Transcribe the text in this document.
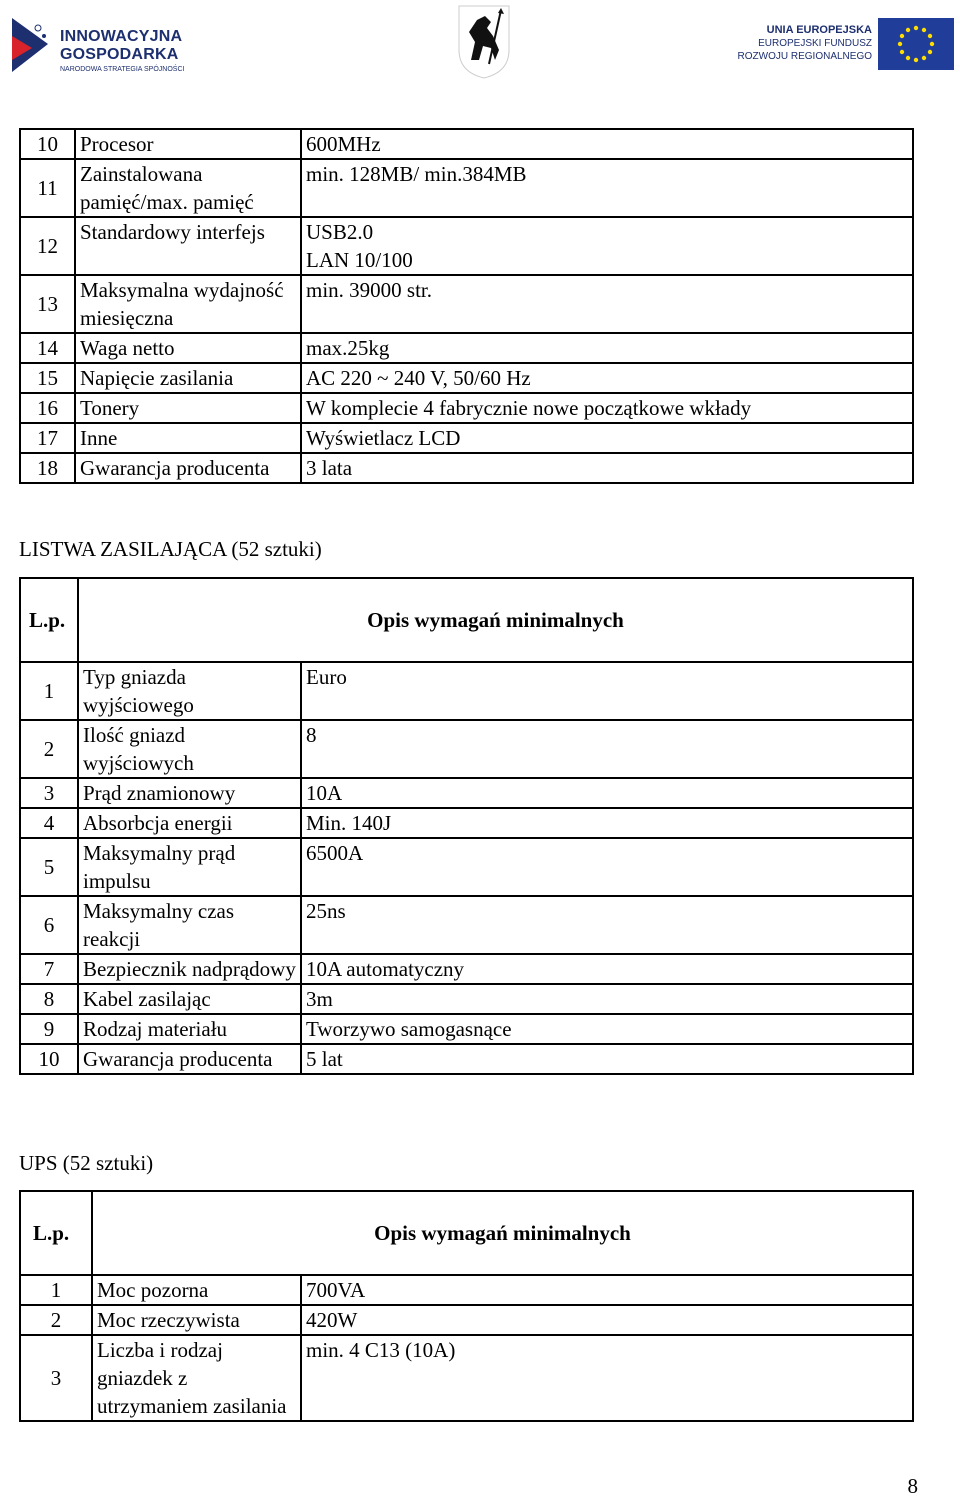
INNOWACYJNA
GOSPODARKA
NARODOWA STRATEGIA SPÓJNOŚCI
UNIA EUROPEJSKA
EUROPEJSKI FUNDUSZ
ROZWOJU REGIONALNEGO
10	Procesor	600MHz
11	Zainstalowana pamięć/max. pamięć	min. 128MB/ min.384MB
12	Standardowy interfejs	USB2.0
LAN 10/100

13	Maksymalna wydajność miesięczna	min. 39000 str.
14	Waga netto	max.25kg
15	Napięcie zasilania	AC 220 ~ 240 V, 50/60 Hz
16	Tonery	W komplecie 4 fabrycznie nowe początkowe wkłady
17	Inne	Wyświetlacz LCD
18	Gwarancja producenta	3 lata
LISTWA ZASILAJĄCA (52 sztuki)
L.p.	Opis wymagań minimalnych	
1	Typ gniazda wyjściowego	Euro
2	Ilość gniazd wyjściowych	8
3	Prąd znamionowy	10A
4	Absorbcja energii	Min. 140J
5	Maksymalny prąd impulsu	6500A
6	Maksymalny czas reakcji	25ns
7	Bezpiecznik nadprądowy	10A automatyczny
8	Kabel zasilając	3m
9	Rodzaj materiału	Tworzywo samogasnące
10	Gwarancja producenta	5 lat
UPS (52 sztuki)
L.p.	Opis wymagań minimalnych	
1	Moc pozorna	700VA
2	Moc rzeczywista	420W
3	Liczba i rodzaj gniazdek z utrzymaniem zasilania	min. 4 C13 (10A)
8
